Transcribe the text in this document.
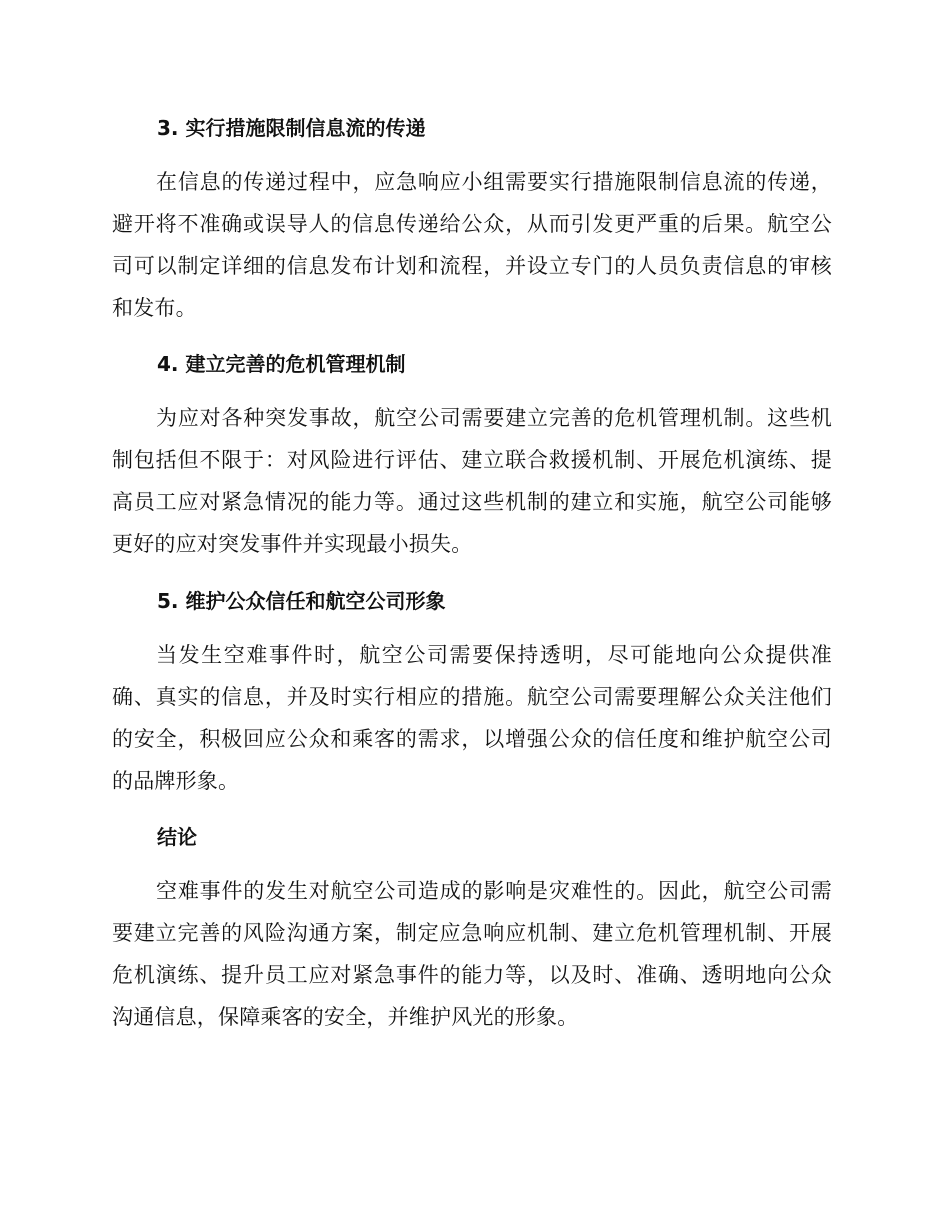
3. 实行措施限制信息流的传递
在信息的传递过程中，应急响应小组需要实行措施限制信息流的传递，避开将不准确或误导人的信息传递给公众，从而引发更严重的后果。航空公司可以制定详细的信息发布计划和流程，并设立专门的人员负责信息的审核和发布。
4. 建立完善的危机管理机制
为应对各种突发事故，航空公司需要建立完善的危机管理机制。这些机制包括但不限于：对风险进行评估、建立联合救援机制、开展危机演练、提高员工应对紧急情况的能力等。通过这些机制的建立和实施，航空公司能够更好的应对突发事件并实现最小损失。
5. 维护公众信任和航空公司形象
当发生空难事件时，航空公司需要保持透明，尽可能地向公众提供准确、真实的信息，并及时实行相应的措施。航空公司需要理解公众关注他们的安全，积极回应公众和乘客的需求，以增强公众的信任度和维护航空公司的品牌形象。
结论
空难事件的发生对航空公司造成的影响是灾难性的。因此，航空公司需要建立完善的风险沟通方案，制定应急响应机制、建立危机管理机制、开展危机演练、提升员工应对紧急事件的能力等，以及时、准确、透明地向公众沟通信息，保障乘客的安全，并维护风光的形象。
